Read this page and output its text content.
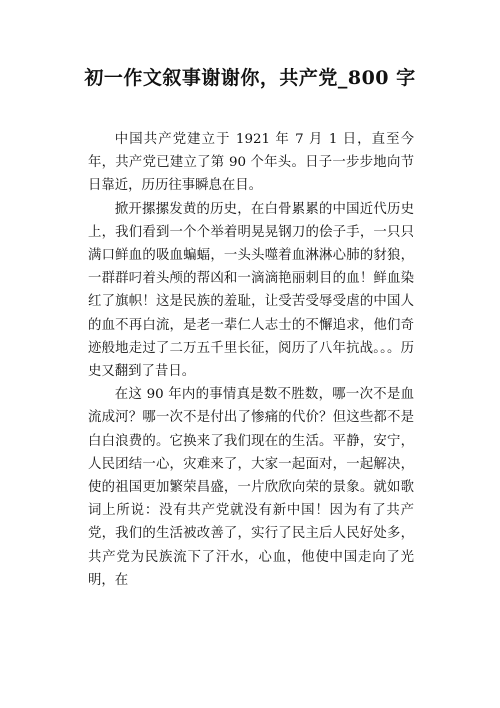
初一作文叙事谢谢你，共产党_800 字

中国共产党建立于 1921 年 7 月 1 日，直至今年，共产党已建立了第 90 个年头。日子一步步地向节日靠近，历历往事瞬息在目。

掀开摞摞发黄的历史，在白骨累累的中国近代历史上，我们看到一个个举着明晃晃钢刀的侩子手，一只只满口鲜血的吸血蝙蝠，一头头噬着血淋淋心肺的豺狼，一群群叼着头颅的帮凶和一滴滴艳丽刺目的血！鲜血染红了旗帜！这是民族的羞耻，让受苦受辱受虐的中国人的血不再白流，是老一辈仁人志士的不懈追求，他们奇迹般地走过了二万五千里长征，阅历了八年抗战。。。历史又翻到了昔日。

在这 90 年内的事情真是数不胜数，哪一次不是血流成河？哪一次不是付出了惨痛的代价？但这些都不是白白浪费的。它换来了我们现在的生活。平静，安宁，人民团结一心，灾难来了，大家一起面对，一起解决，使的祖国更加繁荣昌盛，一片欣欣向荣的景象。就如歌词上所说：没有共产党就没有新中国！因为有了共产党，我们的生活被改善了，实行了民主后人民好处多，共产党为民族流下了汗水，心血，他使中国走向了光明，在
